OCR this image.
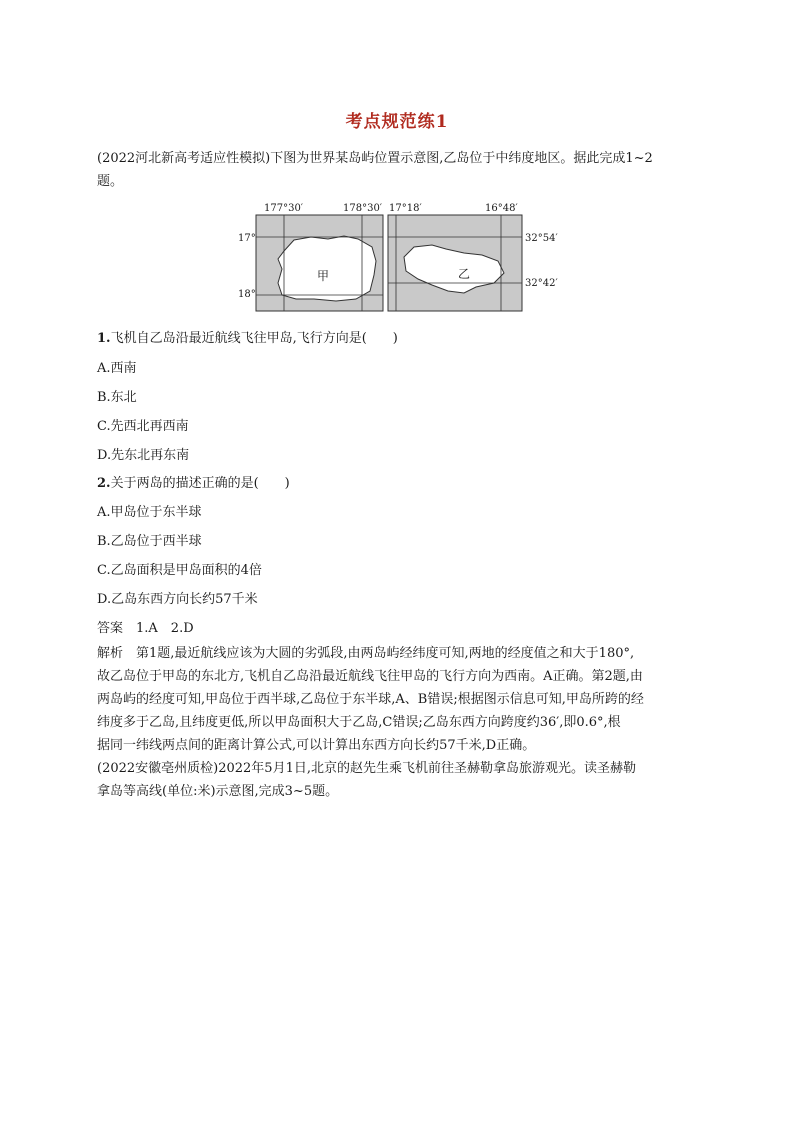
考点规范练1
(2022河北新高考适应性模拟)下图为世界某岛屿位置示意图,乙岛位于中纬度地区。据此完成1~2
题。
177°30′	178°30′ 17°18′	16°48′
17°
18°
32°54′
32°42′
甲	乙
1.飞机自乙岛沿最近航线飞往甲岛,飞行方向是(　　)
A.西南
B.东北
C.先西北再西南
D.先东北再东南
2.关于两岛的描述正确的是(　　)
A.甲岛位于东半球
B.乙岛位于西半球
C.乙岛面积是甲岛面积的4倍
D.乙岛东西方向长约57千米
答案　1.A　2.D
解析　第1题,最近航线应该为大圆的劣弧段,由两岛屿经纬度可知,两地的经度值之和大于180°,
故乙岛位于甲岛的东北方,飞机自乙岛沿最近航线飞往甲岛的飞行方向为西南。A正确。第2题,由
两岛屿的经度可知,甲岛位于西半球,乙岛位于东半球,A、B错误;根据图示信息可知,甲岛所跨的经
纬度多于乙岛,且纬度更低,所以甲岛面积大于乙岛,C错误;乙岛东西方向跨度约36′,即0.6°,根
据同一纬线两点间的距离计算公式,可以计算出东西方向长约57千米,D正确。
(2022安徽亳州质检)2022年5月1日,北京的赵先生乘飞机前往圣赫勒拿岛旅游观光。读圣赫勒
拿岛等高线(单位:米)示意图,完成3~5题。
